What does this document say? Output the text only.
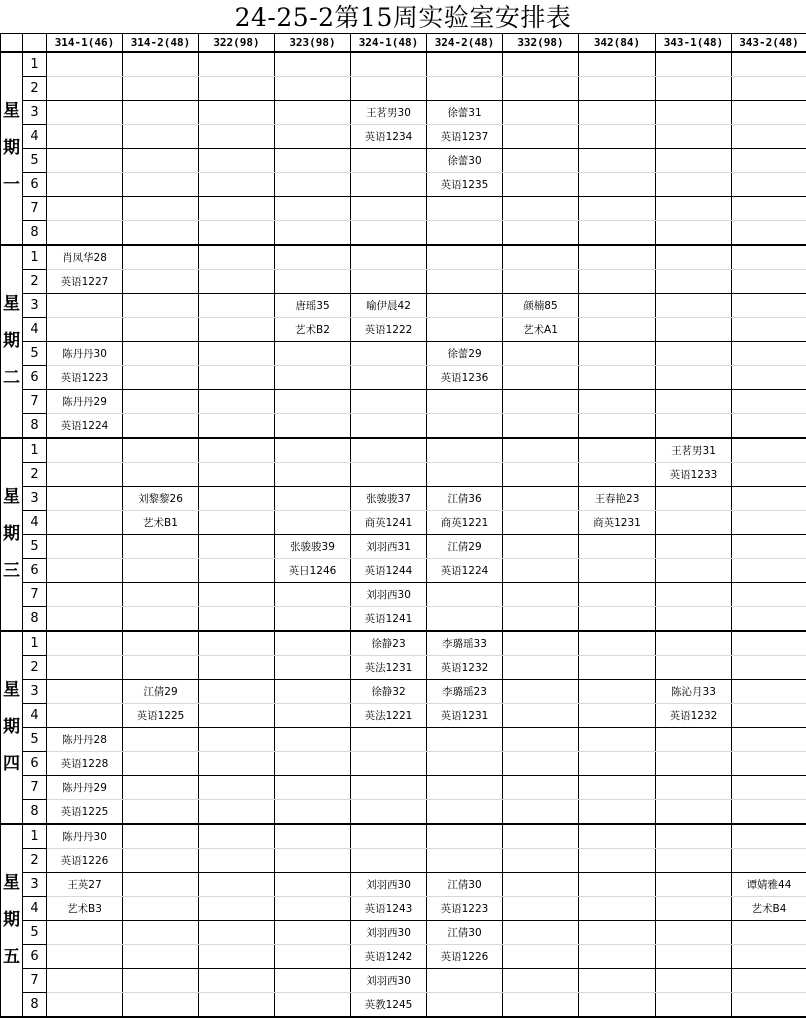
24-25-2第15周实验室安排表
		314-1(46)	314-2(48)	322(98)	323(98)	324-1(48)	324-2(48)	332(98)	342(84)	343-1(48)	343-2(48)
星期一	1										
	2										
	3					王茗男30	徐蕾31				
	4					英语1234	英语1237				
	5						徐蕾30				
	6						英语1235				
	7										
	8										
星期二	1	肖凤华28									
	2	英语1227									
	3				唐瑶35	喻伊晨42		颜楠85			
	4				艺术B2	英语1222		艺术A1			
	5	陈丹丹30					徐蕾29				
	6	英语1223					英语1236				
	7	陈丹丹29									
	8	英语1224									
星期三	1									王茗男31	
	2									英语1233	
	3		刘黎黎26			张骏骏37	江倩36		王春艳23		
	4		艺术B1			商英1241	商英1221		商英1231		
	5				张骏骏39	刘羽西31	江倩29				
	6				英日1246	英语1244	英语1224				
	7					刘羽西30					
	8					英语1241					
星期四	1					徐静23	李璐瑶33				
	2					英法1231	英语1232				
	3		江倩29			徐静32	李璐瑶23			陈沁月33	
	4		英语1225			英法1221	英语1231			英语1232	
	5	陈丹丹28									
	6	英语1228									
	7	陈丹丹29									
	8	英语1225									
星期五	1	陈丹丹30									
	2	英语1226									
	3	王英27				刘羽西30	江倩30				谭婧雅44
	4	艺术B3				英语1243	英语1223				艺术B4
	5					刘羽西30	江倩30				
	6					英语1242	英语1226				
	7					刘羽西30					
	8					英教1245					
